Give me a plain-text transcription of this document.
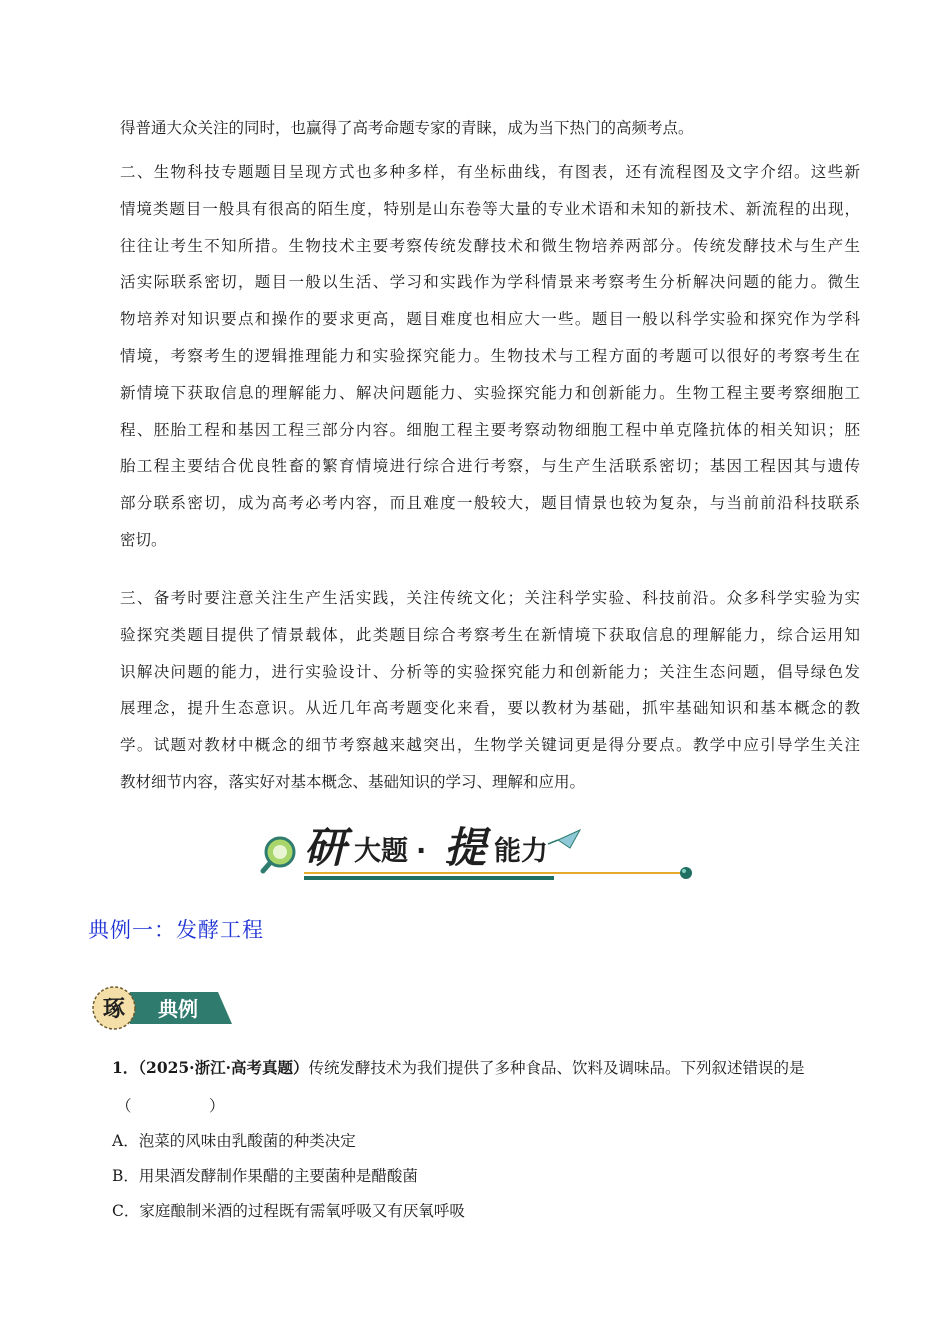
得普通大众关注的同时，也赢得了高考命题专家的青睐，成为当下热门的高频考点。

二、生物科技专题题目呈现方式也多种多样，有坐标曲线，有图表，还有流程图及文字介绍。这些新
情境类题目一般具有很高的陌生度，特别是山东卷等大量的专业术语和未知的新技术、新流程的出现，
往往让考生不知所措。生物技术主要考察传统发酵技术和微生物培养两部分。传统发酵技术与生产生
活实际联系密切，题目一般以生活、学习和实践作为学科情景来考察考生分析解决问题的能力。微生
物培养对知识要点和操作的要求更高，题目难度也相应大一些。题目一般以科学实验和探究作为学科
情境，考察考生的逻辑推理能力和实验探究能力。生物技术与工程方面的考题可以很好的考察考生在
新情境下获取信息的理解能力、解决问题能力、实验探究能力和创新能力。生物工程主要考察细胞工
程、胚胎工程和基因工程三部分内容。细胞工程主要考察动物细胞工程中单克隆抗体的相关知识；胚
胎工程主要结合优良牲畜的繁育情境进行综合进行考察，与生产生活联系密切；基因工程因其与遗传
部分联系密切，成为高考必考内容，而且难度一般较大，题目情景也较为复杂，与当前前沿科技联系
密切。

三、备考时要注意关注生产生活实践，关注传统文化；关注科学实验、科技前沿。众多科学实验为实
验探究类题目提供了情景载体，此类题目综合考察考生在新情境下获取信息的理解能力，综合运用知
识解决问题的能力，进行实验设计、分析等的实验探究能力和创新能力；关注生态问题，倡导绿色发
展理念，提升生态意识。从近几年高考题变化来看，要以教材为基础，抓牢基础知识和基本概念的教
学。试题对教材中概念的细节考察越来越突出，生物学关键词更是得分要点。教学中应引导学生关注
教材细节内容，落实好对基本概念、基础知识的学习、理解和应用。

研 大题 · 提 能力
典例一：发酵工程
琢 典例
1．（2025·浙江·高考真题）传统发酵技术为我们提供了多种食品、饮料及调味品。下列叙述错误的是
（　　　　　）
A．泡菜的风味由乳酸菌的种类决定
B．用果酒发酵制作果醋的主要菌种是醋酸菌
C．家庭酿制米酒的过程既有需氧呼吸又有厌氧呼吸
